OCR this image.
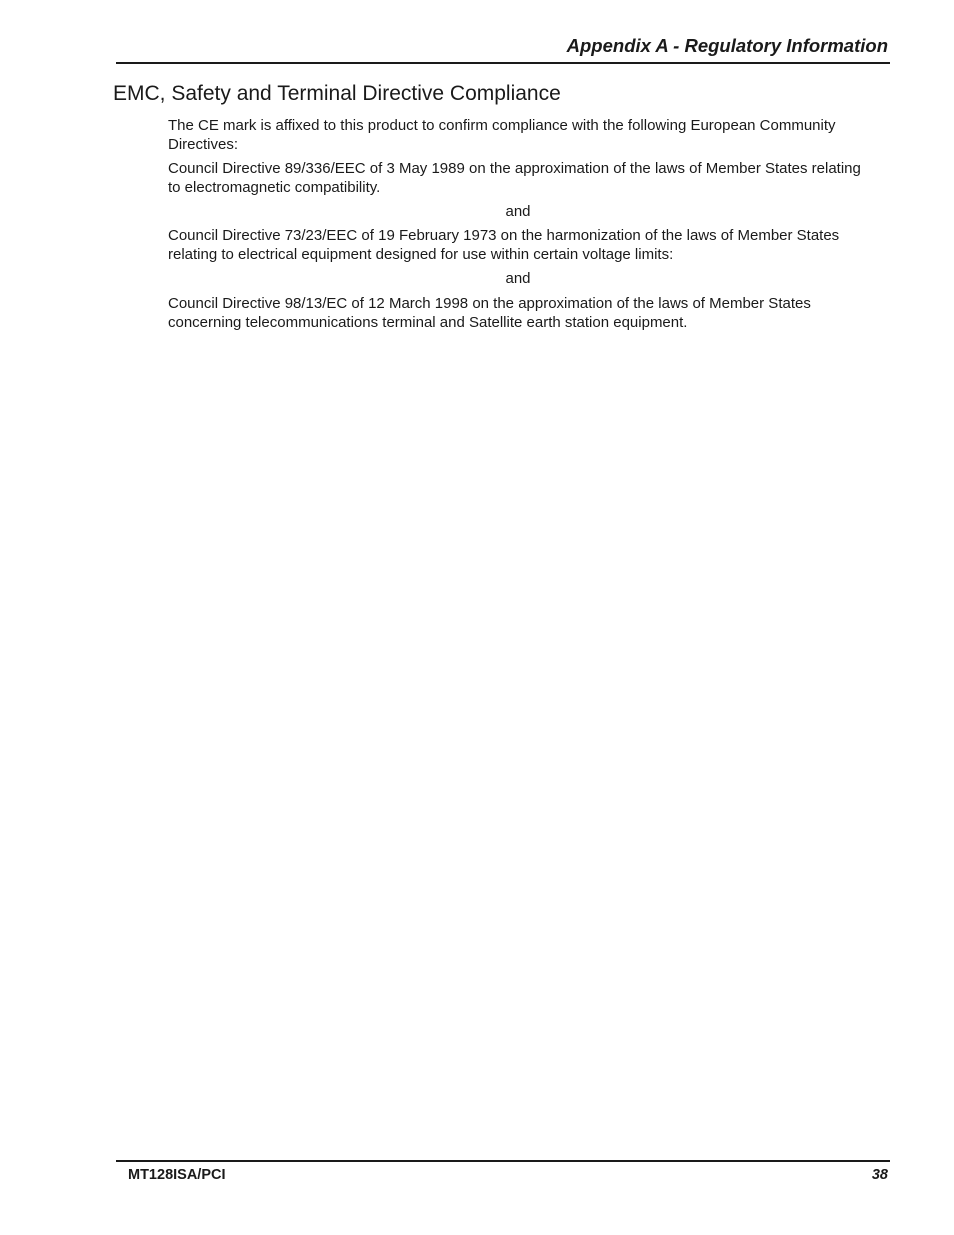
Appendix A - Regulatory Information
EMC, Safety and Terminal Directive Compliance

The CE mark is affixed to this product to confirm compliance with the following European Community Directives:

Council Directive 89/336/EEC of 3 May 1989 on the approximation of the laws of Member States relating to electromagnetic compatibility.

and

Council Directive 73/23/EEC of 19 February 1973 on the harmonization of the laws of Member States relating to electrical equipment designed for use within certain voltage limits:

and

Council Directive 98/13/EC of 12 March 1998 on the approximation of the laws of Member States concerning telecommunications terminal and Satellite earth station equipment.

MT128ISA/PCI	38
